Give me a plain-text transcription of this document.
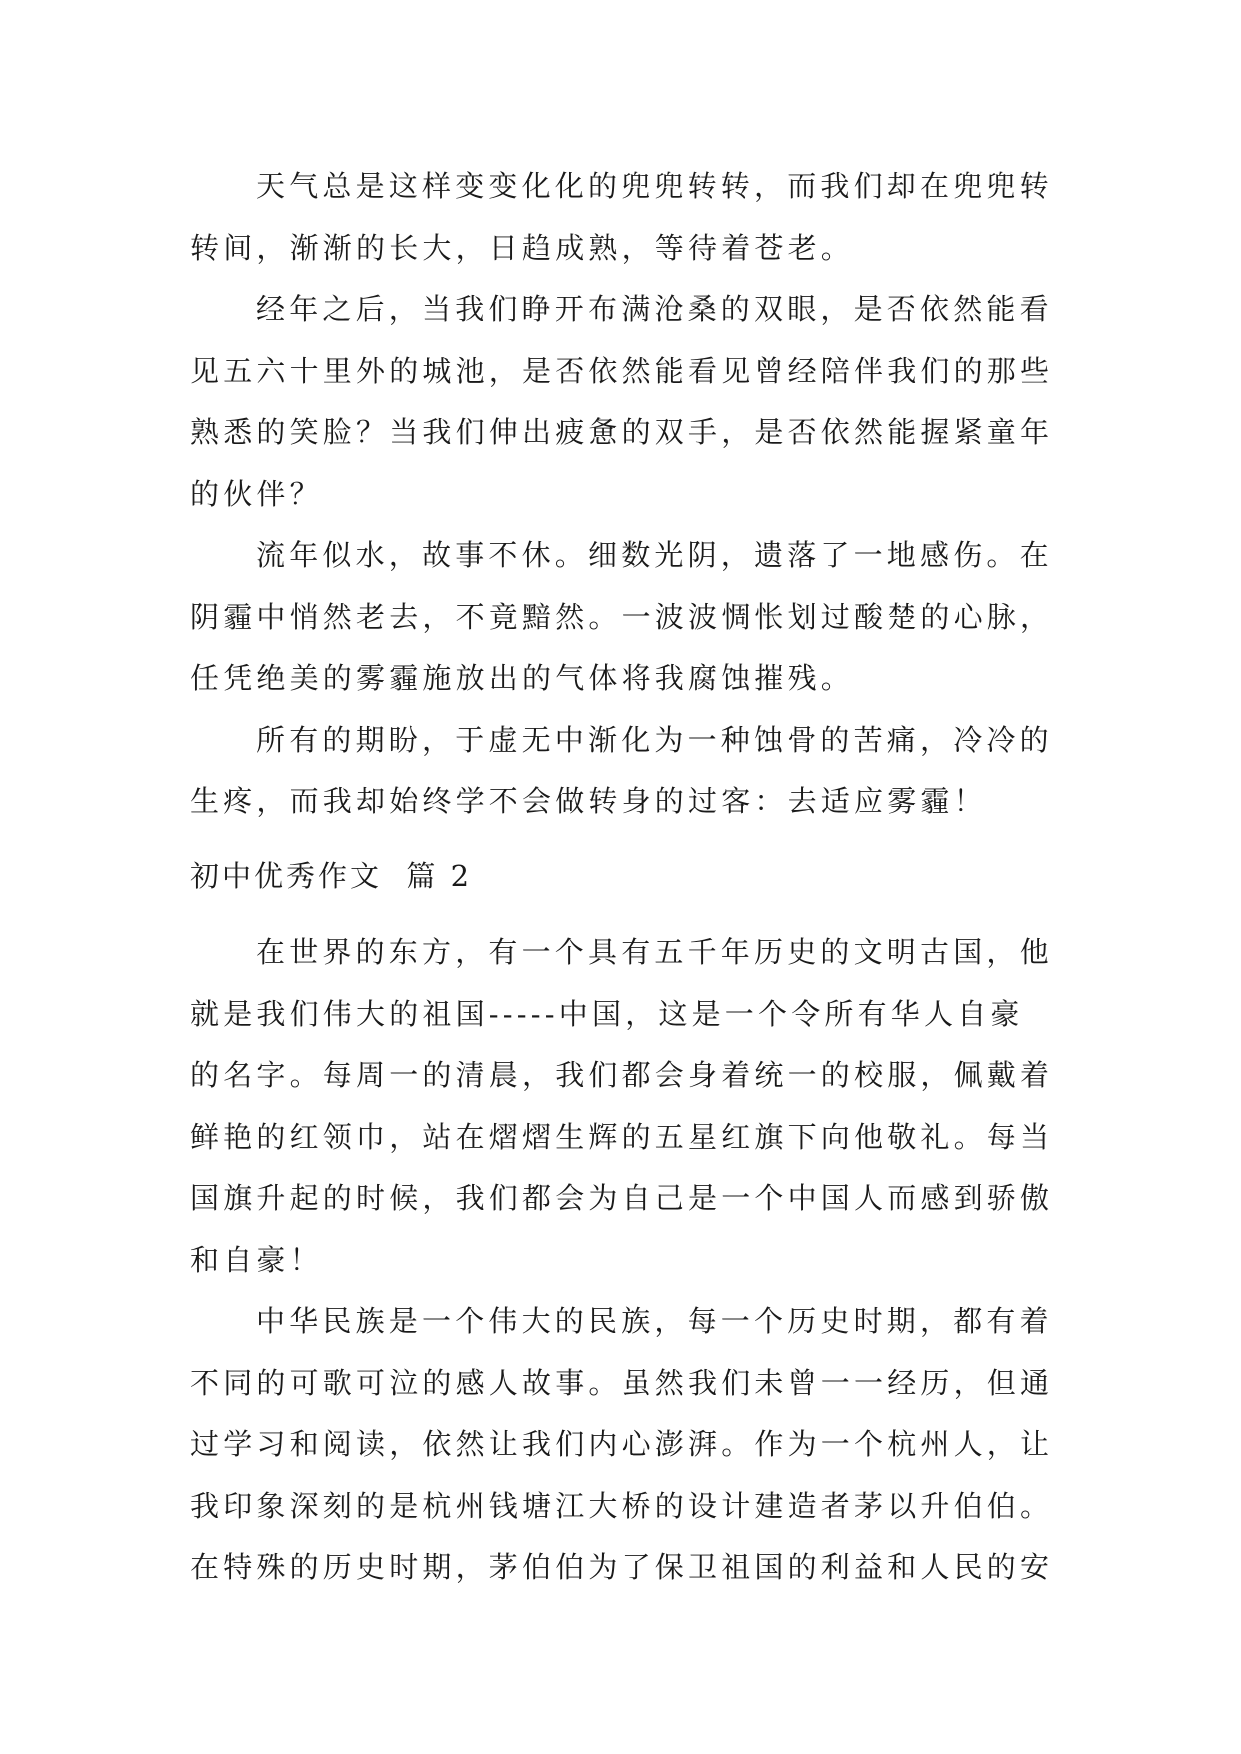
天气总是这样变变化化的兜兜转转，而我们却在兜兜转
转间，渐渐的长大，日趋成熟，等待着苍老。
经年之后，当我们睁开布满沧桑的双眼，是否依然能看
见五六十里外的城池，是否依然能看见曾经陪伴我们的那些
熟悉的笑脸？当我们伸出疲惫的双手，是否依然能握紧童年
的伙伴？
流年似水，故事不休。细数光阴，遗落了一地感伤。在
阴霾中悄然老去，不竟黯然。一波波惆怅划过酸楚的心脉，
任凭绝美的雾霾施放出的气体将我腐蚀摧残。
所有的期盼，于虚无中渐化为一种蚀骨的苦痛，冷冷的
生疼，而我却始终学不会做转身的过客：去适应雾霾！
初中优秀作文  篇 2
在世界的东方，有一个具有五千年历史的文明古国，他
就是我们伟大的祖国-----中国，这是一个令所有华人自豪
的名字。每周一的清晨，我们都会身着统一的校服，佩戴着
鲜艳的红领巾，站在熠熠生辉的五星红旗下向他敬礼。每当
国旗升起的时候，我们都会为自己是一个中国人而感到骄傲
和自豪！
中华民族是一个伟大的民族，每一个历史时期，都有着
不同的可歌可泣的感人故事。虽然我们未曾一一经历，但通
过学习和阅读，依然让我们内心澎湃。作为一个杭州人，让
我印象深刻的是杭州钱塘江大桥的设计建造者茅以升伯伯。
在特殊的历史时期，茅伯伯为了保卫祖国的利益和人民的安
